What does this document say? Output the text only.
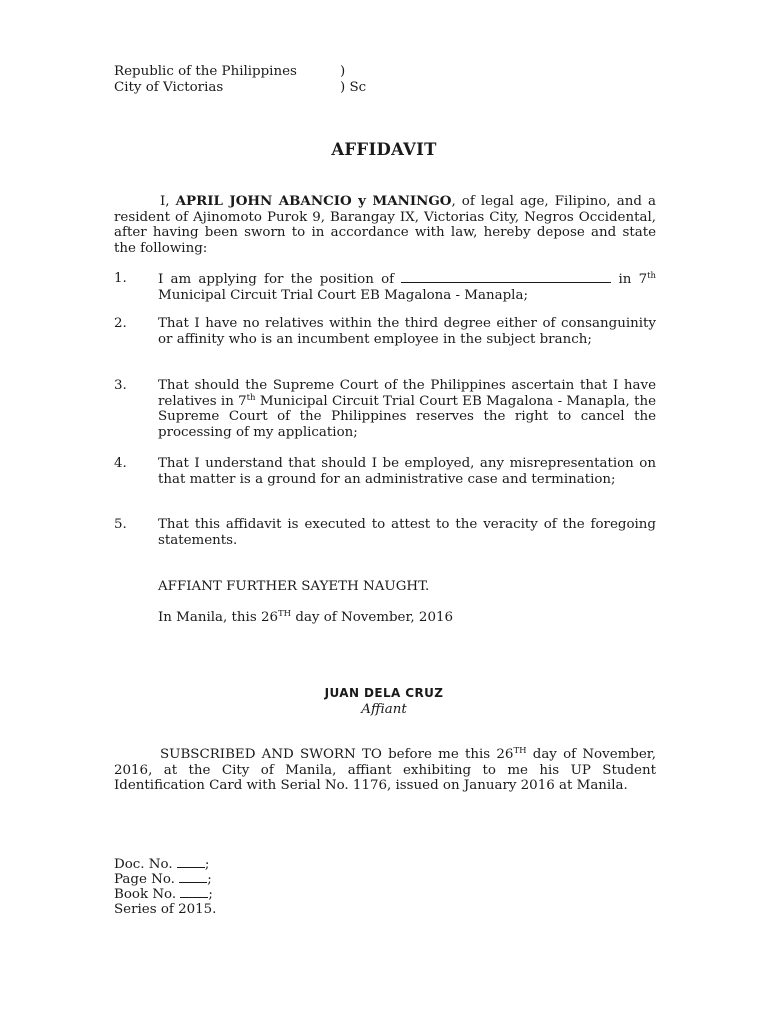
Republic of the Philippines	)
City of Victorias	) Sc
AFFIDAVIT
I, APRIL JOHN ABANCIO y MANINGO, of legal age, Filipino, and a resident of Ajinomoto Purok 9, Barangay IX, Victorias City, Negros Occidental, after having been sworn to in accordance with law, hereby depose and state the following:
1. I am applying for the position of	in 7th Municipal Circuit Trial Court EB Magalona - Manapla;
2. That I have no relatives within the third degree either of consanguinity or affinity who is an incumbent employee in the subject branch;
3. That should the Supreme Court of the Philippines ascertain that I have relatives in 7th Municipal Circuit Trial Court EB Magalona - Manapla, the Supreme Court of the Philippines reserves the right to cancel the processing of my application;
4. That I understand that should I be employed, any misrepresentation on that matter is a ground for an administrative case and termination;
5. That this affidavit is executed to attest to the veracity of the foregoing statements.
AFFIANT FURTHER SAYETH NAUGHT.
In Manila, this 26TH day of November, 2016
JUAN DELA CRUZ
Affiant
SUBSCRIBED AND SWORN TO before me this 26TH day of November, 2016, at the City of Manila, affiant exhibiting to me his UP Student Identification Card with Serial No. 1176, issued on January 2016 at Manila.
Doc. No. ;
Page No. ;
Book No. ;
Series of 2015.
